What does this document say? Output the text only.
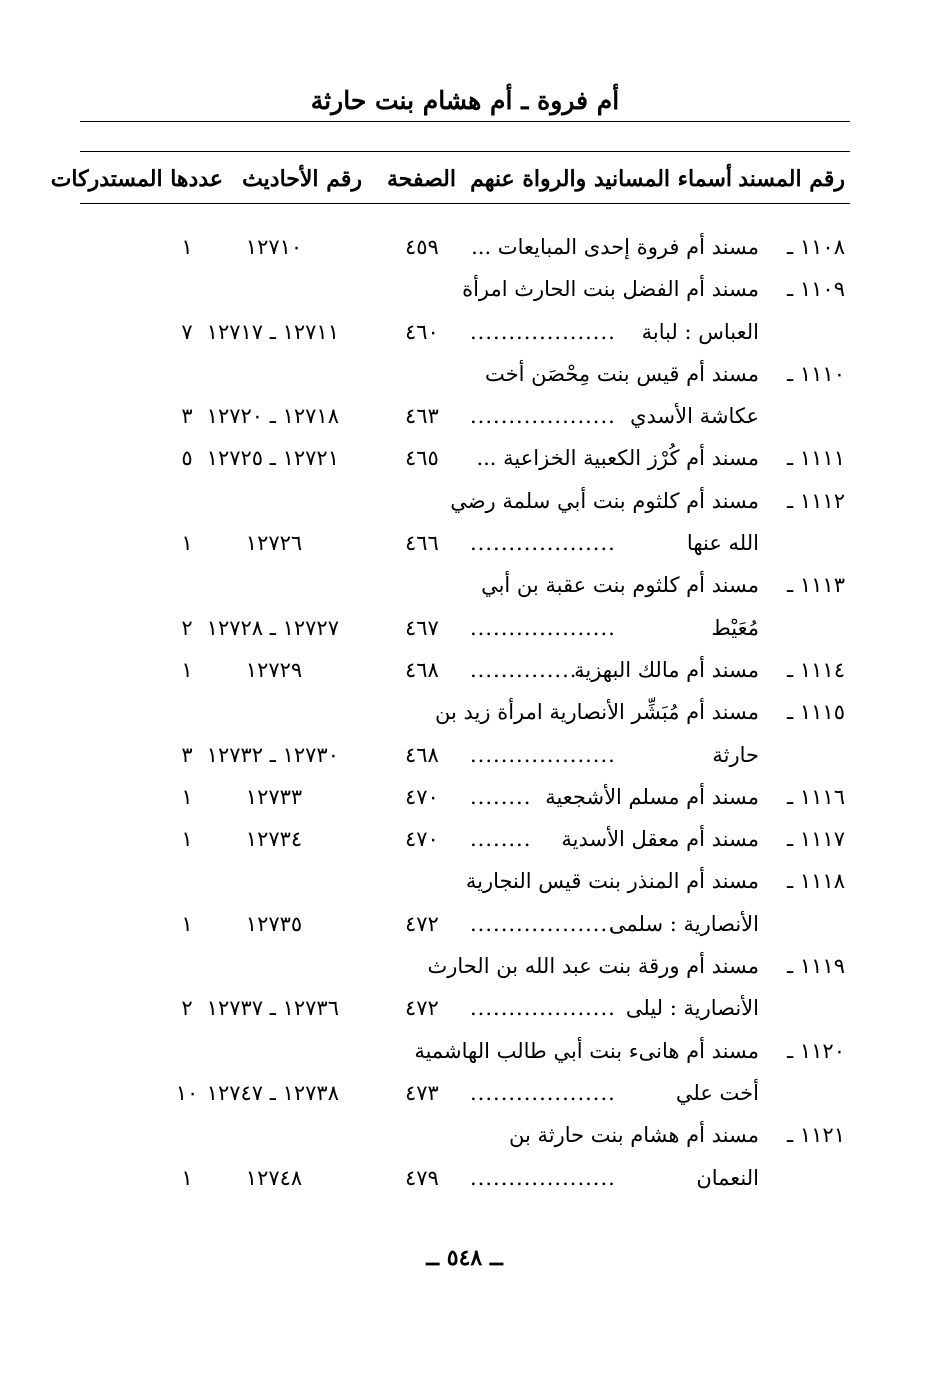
أم فروة ـ أم هشام بنت حارثة
رقم المسند
أسماء المسانيد والرواة عنهم
الصفحة
رقم الأحاديث
عددها المستدركات
١١٠٨ ـ
مسند أم فروة إحدى المبايعات ...
٤٥٩
١٢٧١٠
١
١١٠٩ ـ
مسند أم الفضل بنت الحارث امرأة
العباس : لبابة
...................
٤٦٠
١٢٧١١ ـ ١٢٧١٧
٧
١١١٠ ـ
مسند أم قيس بنت مِحْصَن أخت
عكاشة الأسدي
...................
٤٦٣
١٢٧١٨ ـ ١٢٧٢٠
٣
١١١١ ـ
مسند أم كُرْز الكعبية الخزاعية ...
٤٦٥
١٢٧٢١ ـ ١٢٧٢٥
٥
١١١٢ ـ
مسند أم كلثوم بنت أبي سلمة رضي
الله عنها
...................
٤٦٦
١٢٧٢٦
١
١١١٣ ـ
مسند أم كلثوم بنت عقبة بن أبي
مُعَيْط
...................
٤٦٧
١٢٧٢٧ ـ ١٢٧٢٨
٢
١١١٤ ـ
مسند أم مالك البهزية
...............
٤٦٨
١٢٧٢٩
١
١١١٥ ـ
مسند أم مُبَشِّر الأنصارية امرأة زيد بن
حارثة
...................
٤٦٨
١٢٧٣٠ ـ ١٢٧٣٢
٣
١١١٦ ـ
مسند أم مسلم الأشجعية
........
٤٧٠
١٢٧٣٣
١
١١١٧ ـ
مسند أم معقل الأسدية
........
٤٧٠
١٢٧٣٤
١
١١١٨ ـ
مسند أم المنذر بنت قيس النجارية
الأنصارية : سلمى
...................
٤٧٢
١٢٧٣٥
١
١١١٩ ـ
مسند أم ورقة بنت عبد الله بن الحارث
الأنصارية : ليلى
...................
٤٧٢
١٢٧٣٦ ـ ١٢٧٣٧
٢
١١٢٠ ـ
مسند أم هانىء بنت أبي طالب الهاشمية
أخت علي
...................
٤٧٣
١٢٧٣٨ ـ ١٢٧٤٧
١٠
١١٢١ ـ
مسند أم هشام بنت حارثة بن
النعمان
...................
٤٧٩
١٢٧٤٨
١
ــ ٥٤٨ ــ
